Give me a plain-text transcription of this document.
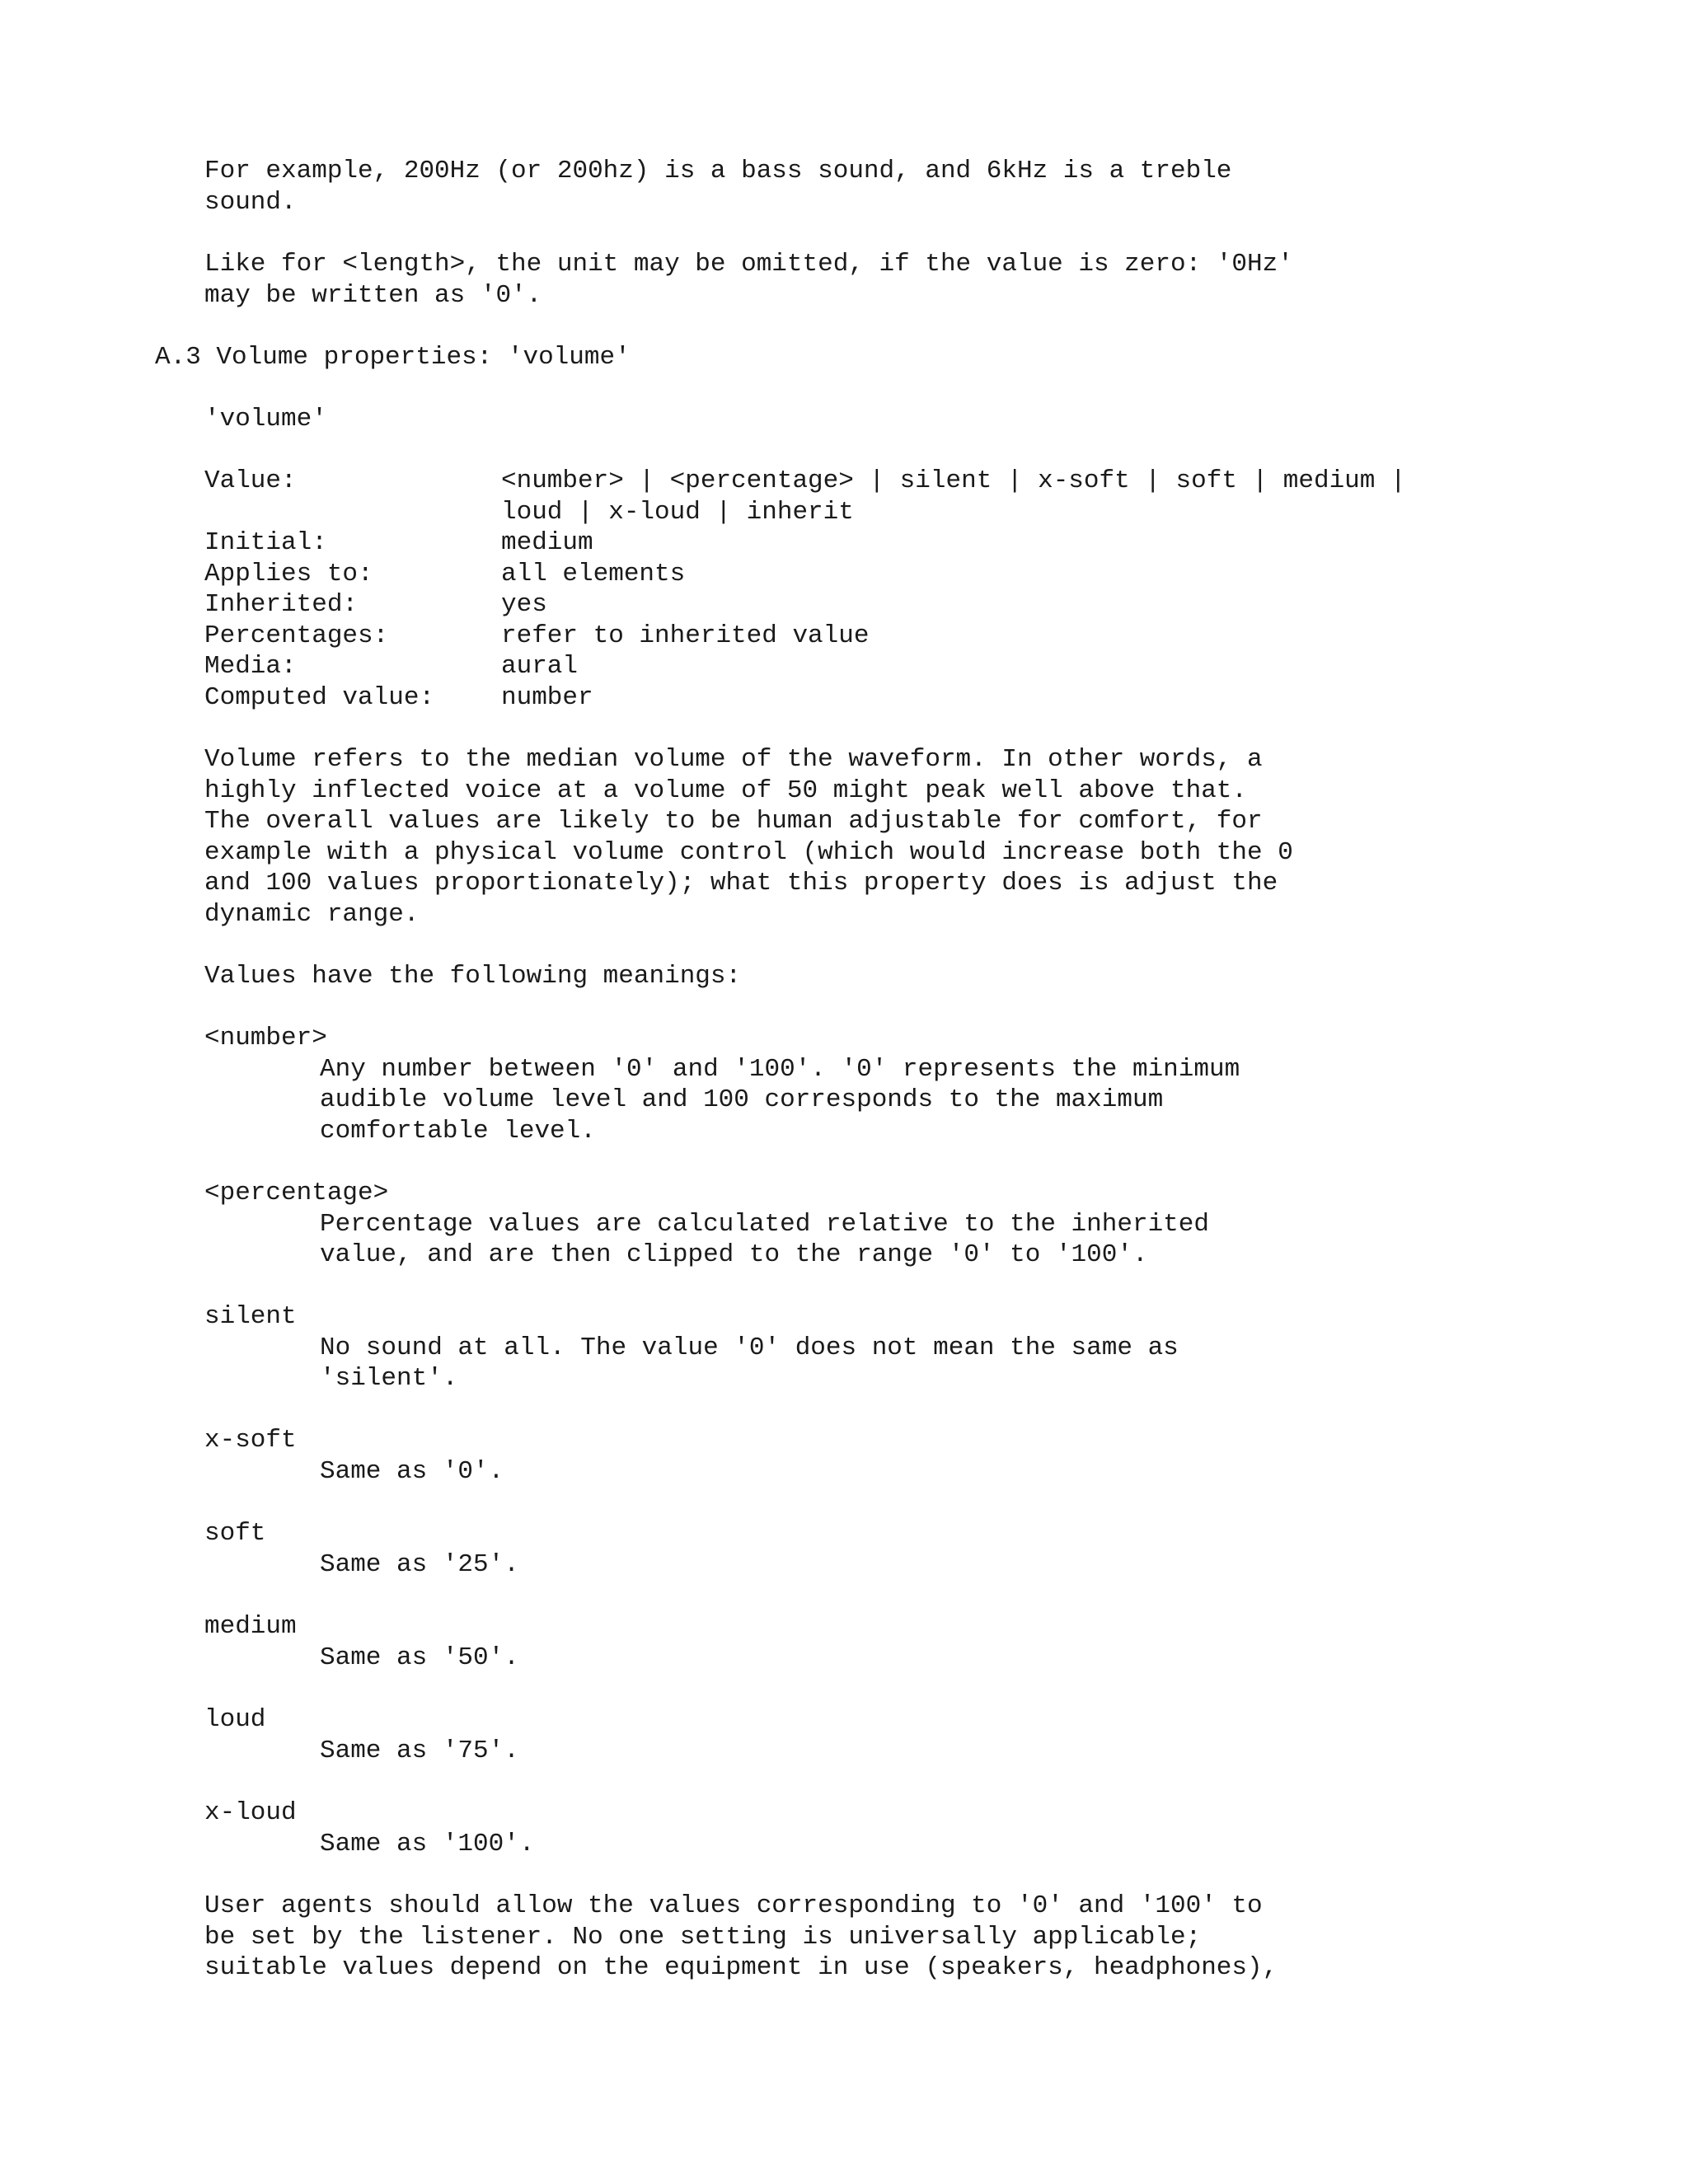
For example, 200Hz (or 200hz) is a bass sound, and 6kHz is a treble
sound.
Like for <length>, the unit may be omitted, if the value is zero: '0Hz'
may be written as '0'.
A.3 Volume properties: 'volume'
'volume'
Value:	<number> | <percentage> | silent | x-soft | soft | medium |
loud | x-loud | inherit
Initial:	medium
Applies to:	all elements
Inherited:	yes
Percentages:	refer to inherited value
Media:	aural
Computed value:	number
Volume refers to the median volume of the waveform. In other words, a
highly inflected voice at a volume of 50 might peak well above that.
The overall values are likely to be human adjustable for comfort, for
example with a physical volume control (which would increase both the 0
and 100 values proportionately); what this property does is adjust the
dynamic range.
Values have the following meanings:
<number>
Any number between '0' and '100'. '0' represents the minimum
audible volume level and 100 corresponds to the maximum
comfortable level.
<percentage>
Percentage values are calculated relative to the inherited
value, and are then clipped to the range '0' to '100'.
silent
No sound at all. The value '0' does not mean the same as
'silent'.
x-soft
Same as '0'.
soft
Same as '25'.
medium
Same as '50'.
loud
Same as '75'.
x-loud
Same as '100'.
User agents should allow the values corresponding to '0' and '100' to
be set by the listener. No one setting is universally applicable;
suitable values depend on the equipment in use (speakers, headphones),
